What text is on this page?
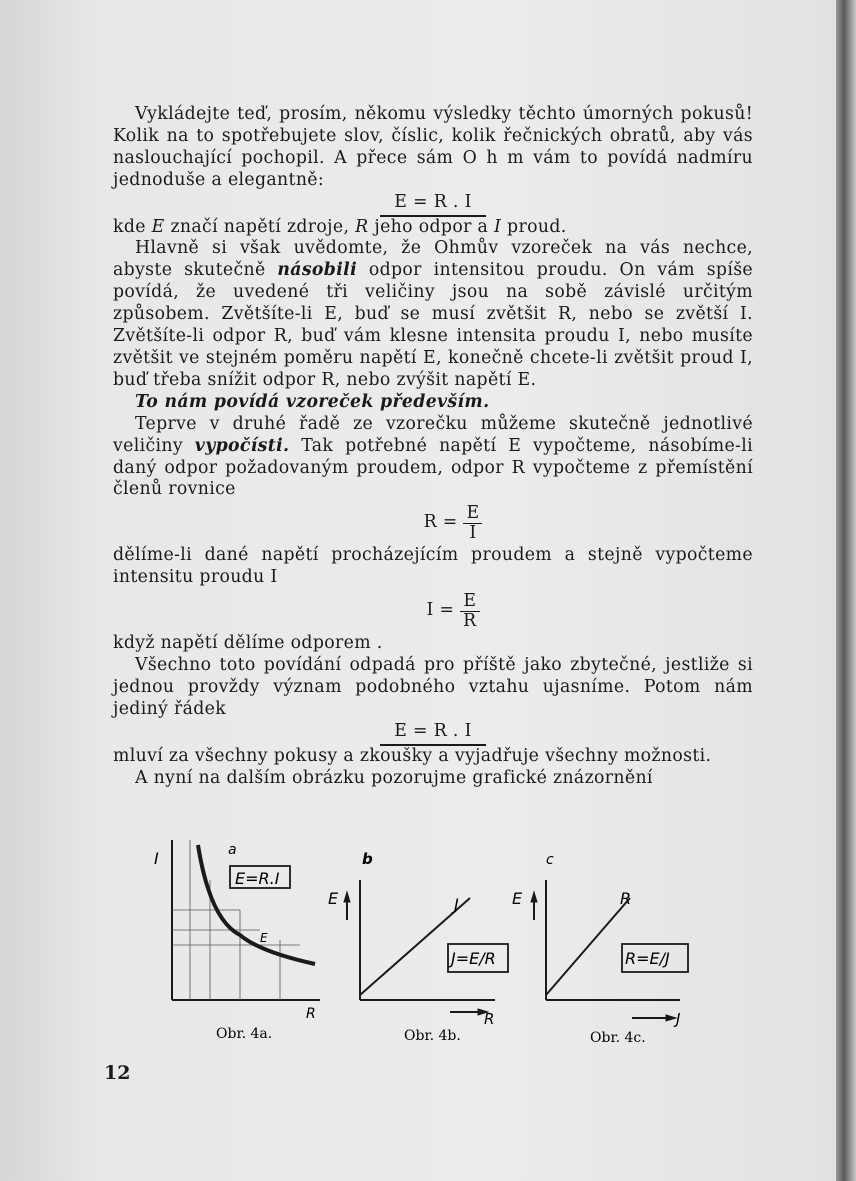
Vykládejte teď, prosím, někomu výsledky těchto úmorných pokusů! Kolik na to spotřebujete slov, číslic, kolik řečnických obratů, aby vás naslouchající pochopil. A přece sám O h m vám to povídá nadmíru jednoduše a elegantně:

E = R . I

kde E značí napětí zdroje, R jeho odpor a I proud.

Hlavně si však uvědomte, že Ohmův vzoreček na vás nechce, abyste skutečně násobili odpor intensitou proudu. On vám spíše povídá, že uvedené tři veličiny jsou na sobě závislé určitým způsobem. Zvětšíte-li E, buď se musí zvětšit R, nebo se zvětší I. Zvětšíte-li odpor R, buď vám klesne intensita proudu I, nebo musíte zvětšit ve stejném poměru napětí E, konečně chcete-li zvětšit proud I, buď třeba snížit odpor R, nebo zvýšit napětí E.

To nám povídá vzoreček především.

Teprve v druhé řadě ze vzorečku můžeme skutečně jednotlivé veličiny vypočísti. Tak potřebné napětí E vypočteme, násobíme-li daný odpor požadovaným proudem, odpor R vypočteme z přemístění členů rovnice

R =
$\frac{E}{I}$

dělíme-li dané napětí procházejícím proudem a stejně vypočteme intensitu proudu I

I =
$\frac{E}{R}$

když napětí dělíme odporem .

Všechno toto povídání odpadá pro příště jako zbytečné, jestliže si jednou provždy význam podobného vztahu ujasníme. Potom nám jediný řádek

E = R . I

mluví za všechny pokusy a zkoušky a vyjadřuje všechny možnosti.

A nyní na dalším obrázku pozorujme grafické znázornění

I	a
E=R.I
E
R
b
E	J
J=E/R
R
c
E	R
R=E/J
J
Obr. 4a.	Obr. 4b.	Obr. 4c.
12
